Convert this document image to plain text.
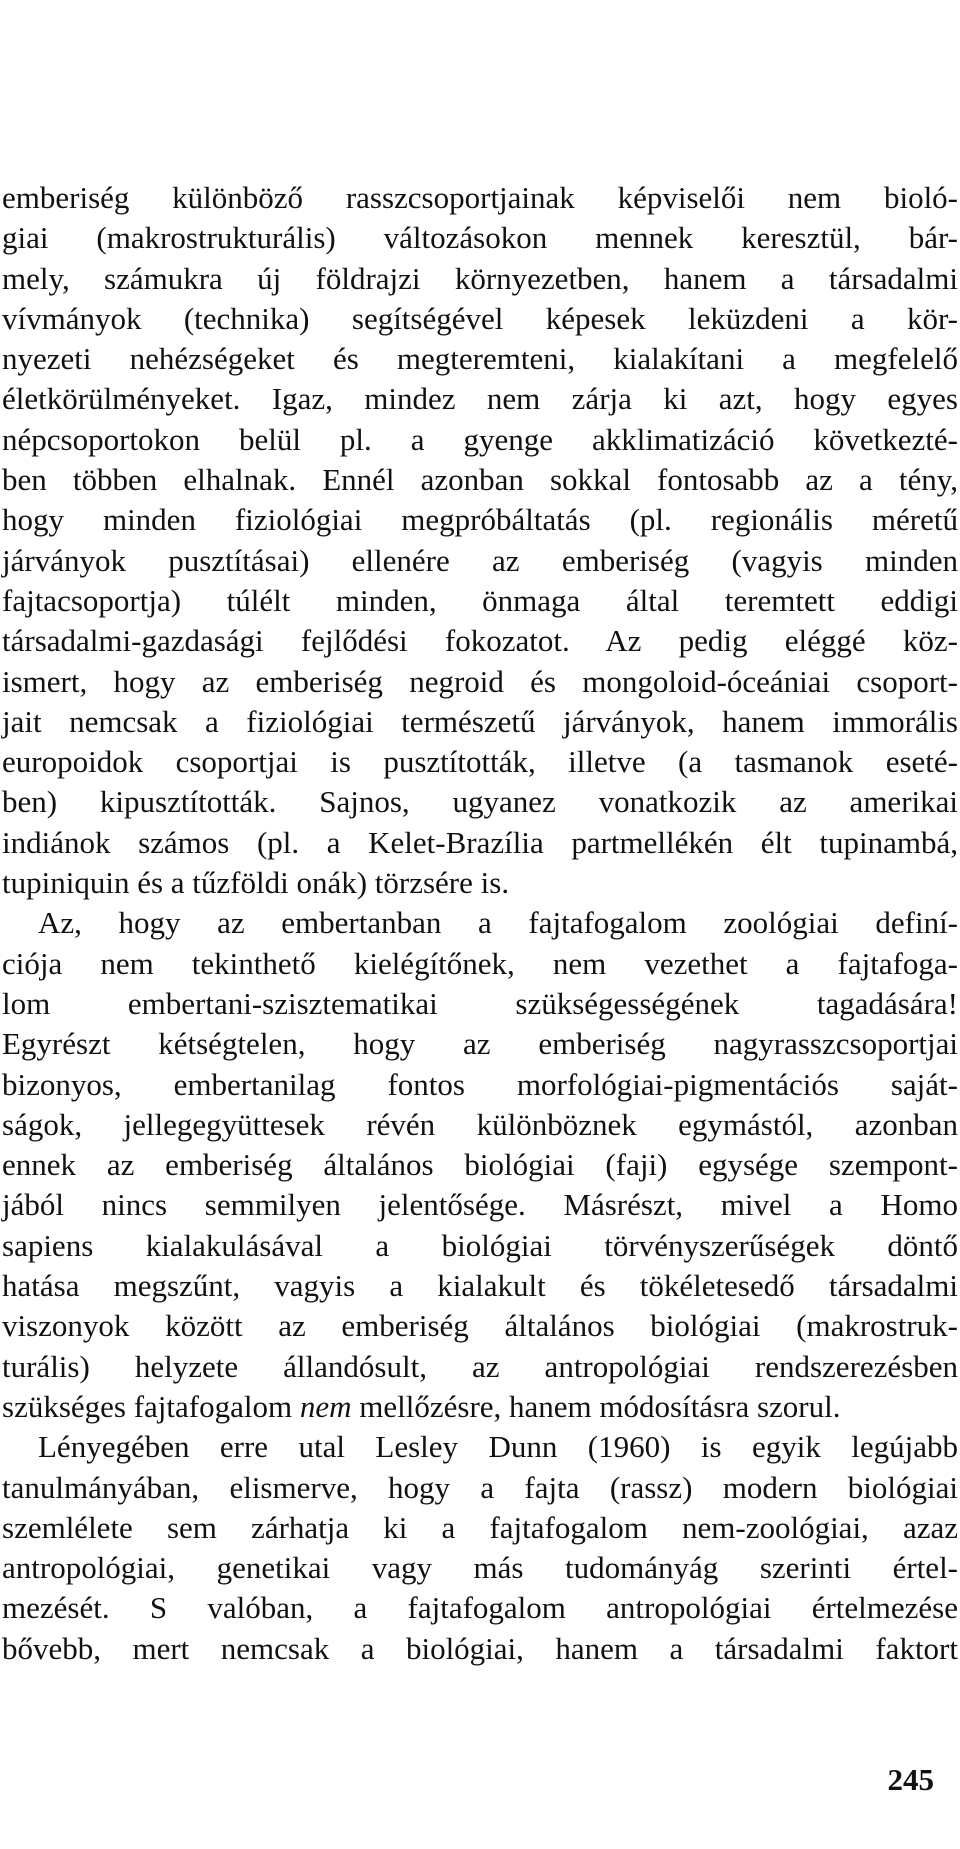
emberiség különböző rasszcsoportjainak képviselői nem bioló-
giai (makrostrukturális) változásokon mennek keresztül, bár-
mely, számukra új földrajzi környezetben, hanem a társadalmi
vívmányok (technika) segítségével képesek leküzdeni a kör-
nyezeti nehézségeket és megteremteni, kialakítani a megfelelő
életkörülményeket. Igaz, mindez nem zárja ki azt, hogy egyes
népcsoportokon belül pl. a gyenge akklimatizáció következté-
ben többen elhalnak. Ennél azonban sokkal fontosabb az a tény,
hogy minden fiziológiai megpróbáltatás (pl. regionális méretű
járványok pusztításai) ellenére az emberiség (vagyis minden
fajtacsoportja) túlélt minden, önmaga által teremtett eddigi
társadalmi-gazdasági fejlődési fokozatot. Az pedig eléggé köz-
ismert, hogy az emberiség negroid és mongoloid-óceániai csoport-
jait nemcsak a fiziológiai természetű járványok, hanem immorális
europoidok csoportjai is pusztították, illetve (a tasmanok eseté-
ben) kipusztították. Sajnos, ugyanez vonatkozik az amerikai
indiánok számos (pl. a Kelet-Brazília partmellékén élt tupinambá,
tupiniquin és a tűzföldi onák) törzsére is.
Az, hogy az embertanban a fajtafogalom zoológiai definí-
ciója nem tekinthető kielégítőnek, nem vezethet a fajtafoga-
lom embertani-szisztematikai szükségességének tagadására!
Egyrészt kétségtelen, hogy az emberiség nagyrasszcsoportjai
bizonyos, embertanilag fontos morfológiai-pigmentációs saját-
ságok, jellegegyüttesek révén különböznek egymástól, azonban
ennek az emberiség általános biológiai (faji) egysége szempont-
jából nincs semmilyen jelentősége. Másrészt, mivel a Homo
sapiens kialakulásával a biológiai törvényszerűségek döntő
hatása megszűnt, vagyis a kialakult és tökéletesedő társadalmi
viszonyok között az emberiség általános biológiai (makrostruk-
turális) helyzete állandósult, az antropológiai rendszerezésben
szükséges fajtafogalom nem mellőzésre, hanem módosításra szorul.
Lényegében erre utal Lesley Dunn (1960) is egyik legújabb
tanulmányában, elismerve, hogy a fajta (rassz) modern biológiai
szemlélete sem zárhatja ki a fajtafogalom nem-zoológiai, azaz
antropológiai, genetikai vagy más tudományág szerinti értel-
mezését. S valóban, a fajtafogalom antropológiai értelmezése
bővebb, mert nemcsak a biológiai, hanem a társadalmi faktort
245
